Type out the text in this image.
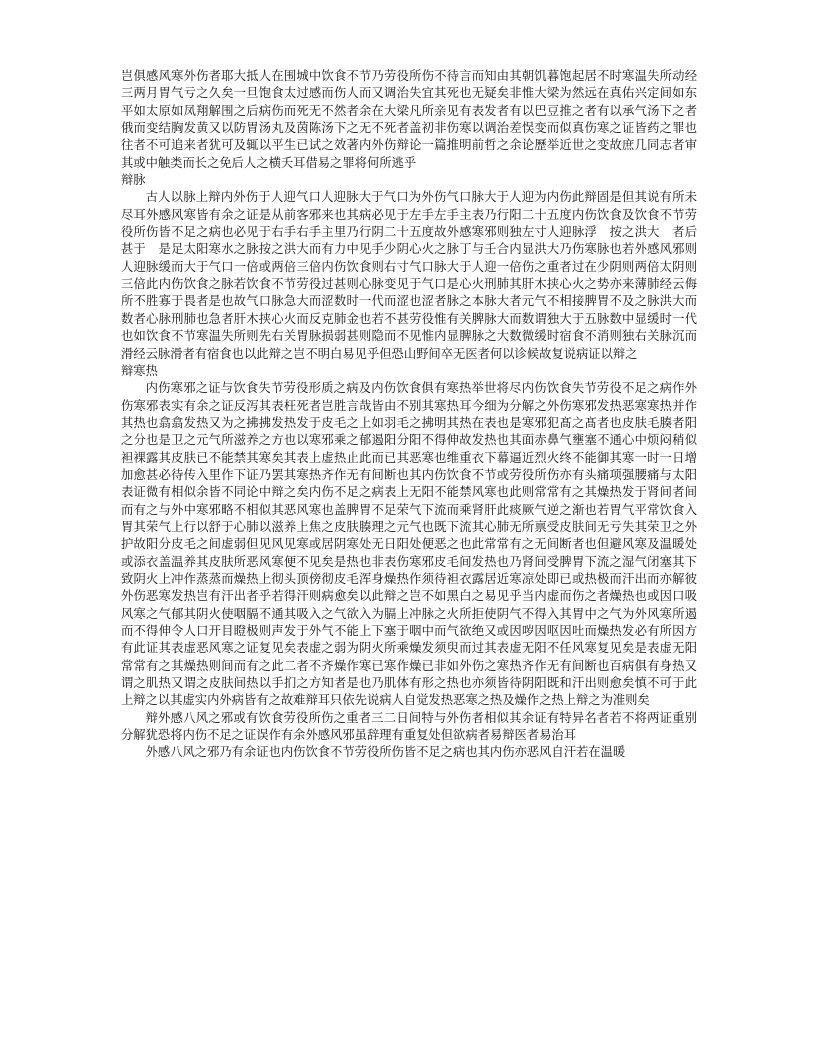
岂俱感风寒外伤者耶大抵人在围城中饮食不节乃劳役所伤不待言而知由其朝饥暮饱起居不时寒温失所动经三两月胃气亏之久矣一旦饱食太过感而伤人而又调治失宜其死也无疑矣非惟大梁为然远在真佑兴定间如东平如太原如凤翔解围之后病伤而死无不然者余在大梁凡所亲见有表发者有以巴豆推之者有以承气汤下之者俄而变结胸发黄又以防胃汤丸及茵陈汤下之无不死者盖初非伤寒以调治差悮变而似真伤寒之证皆药之罪也往者不可追来者犹可及辄以平生已试之效著内外伤辩论一篇推明前哲之余论歷举近世之变故庶几同志者审其或中触类而长之免后人之横夭耳借易之罪将何所逃乎

辩脉

古人以脉上辩内外伤于人迎气口人迎脉大于气口为外伤气口脉大于人迎为内伤此辩固是但其说有所未尽耳外感风寒皆有余之证是从前客邪来也其病必见于左手左手主表乃行阳二十五度内伤饮食及饮食不节劳役所伤皆不足之病也必见于右手右手主里乃行阴二十五度故外感寒邪则独左寸人迎脉浮　按之洪大　者后甚于　是足太阳寒水之脉按之洪大而有力中见手少阴心火之脉丁与壬合内显洪大乃伤寒脉也若外感风邪则人迎脉缓而大于气口一倍或两倍三倍内伤饮食则右寸气口脉大于人迎一倍伤之重者过在少阴则两倍太阴则三倍此内伤饮食之脉若饮食不节劳役过甚则心脉变见于气口是心火刑肺其肝木挟心火之势亦来薄肺经云侮所不胜寡于畏者是也故气口脉急大而涩数时一代而涩也涩者脉之本脉大者元气不相接脾胃不及之脉洪大而数者心脉刑肺也急者肝木挟心火而反克肺金也若不甚劳役惟有关脾脉大而数谓独大于五脉数中显缓时一代也如饮食不节寒温失所则先右关胃脉损弱甚则隐而不见惟内显脾脉之大数微缓时宿食不消则独右关脉沉而滑经云脉滑者有宿食也以此辩之岂不明白易见乎但恐山野间卒无医者何以诊候故复说病证以辩之

辩寒热

内伤寒邪之证与饮食失节劳役形质之病及内伤饮食俱有寒热举世将尽内伤饮食失节劳役不足之病作外伤寒邪表实有余之证反泻其表枉死者岂胜言哉皆由不别其寒热耳今细为分解之外伤寒邪发热恶寒寒热并作其热也翕翕发热又为之拂拂发热发于皮毛之上如羽毛之拂明其热在表也是寒邪犯髙之髙者也皮肤毛腠者阳之分也是卫之元气所滋养之方也以寒邪乘之郁遏阳分阳不得伸故发热也其面赤鼻气壅塞不通心中烦闷稍似袒裸露其皮肤已不能禁其寒矣其表上虚热止此而已其恶寒也维重衣下幕逼近烈火终不能御其寒一时一日增加愈甚必待传入里作下证乃罢其寒热齐作无有间断也其内伤饮食不节或劳役所伤亦有头痛项强腰痛与太阳表证微有相似余皆不同论中辩之矣内伤不足之病表上无阳不能禁风寒也此则常常有之其燥热发于肾间者间而有之与外中寒邪略不相似其恶风寒也盖脾胃不足荣气下流而乘肾肝此痰厥气逆之渐也若胃气平常饮食入胃其荣气上行以舒于心肺以滋养上焦之皮肤腠理之元气也既下流其心肺无所禀受皮肤间无亏失其荣卫之外护故阳分皮毛之间虚弱但见风见寒或居阴寒处无日阳处便恶之也此常常有之无间断者也但避风寒及温暖处或添衣盖温养其皮肤所恶风寒便不见矣是热也非表伤寒邪皮毛间发热也乃肾间受脾胃下流之湿气闭塞其下致阴火上冲作蒸蒸而燥热上彻头顶傍彻皮毛浑身燥热作须待袒衣露居近寒凉处即已或热极而汗出而亦解彼外伤恶寒发热岂有汗出者乎若得汗则病愈矣以此辩之岂不如黑白之易见乎当内虚而伤之者燥热也或因口吸风寒之气郁其阴火使咽膈不通其吸入之气欲入为膈上冲脉之火所拒使阴气不得入其胃中之气为外风寒所遏而不得伸令人口开目瞪极则声发于外气不能上下塞于咽中而气欲绝又或因哕因呕因吐而燥热发必有所因方有此证其表虚恶风寒之证复见矣表虚之弱为阴火所乘燥发须臾而过其表虚无阳不任风寒复见矣是表虚无阳常常有之其燥热则间而有之此二者不齐燥作寒已寒作燥已非如外伤之寒热齐作无有间断也百病俱有身热又谓之肌热又谓之皮肤间热以手扪之方知者是也乃肌体有形之热也亦须皆待阴阳既和汗出则愈矣慎不可于此上辩之以其虚实内外病皆有之故难辩耳只依先说病人自觉发热恶寒之热及燥作之热上辩之为准则矣

辩外感八风之邪或有饮食劳役所伤之重者三二日间特与外伤者相似其余证有特异名者若不将两证重别分解犹恐将内伤不足之证误作有余外感风邪虽辞理有重复处但欲病者易辩医者易治耳

外感八风之邪乃有余证也内伤饮食不节劳役所伤皆不足之病也其内伤亦恶风自汗若在温暖
